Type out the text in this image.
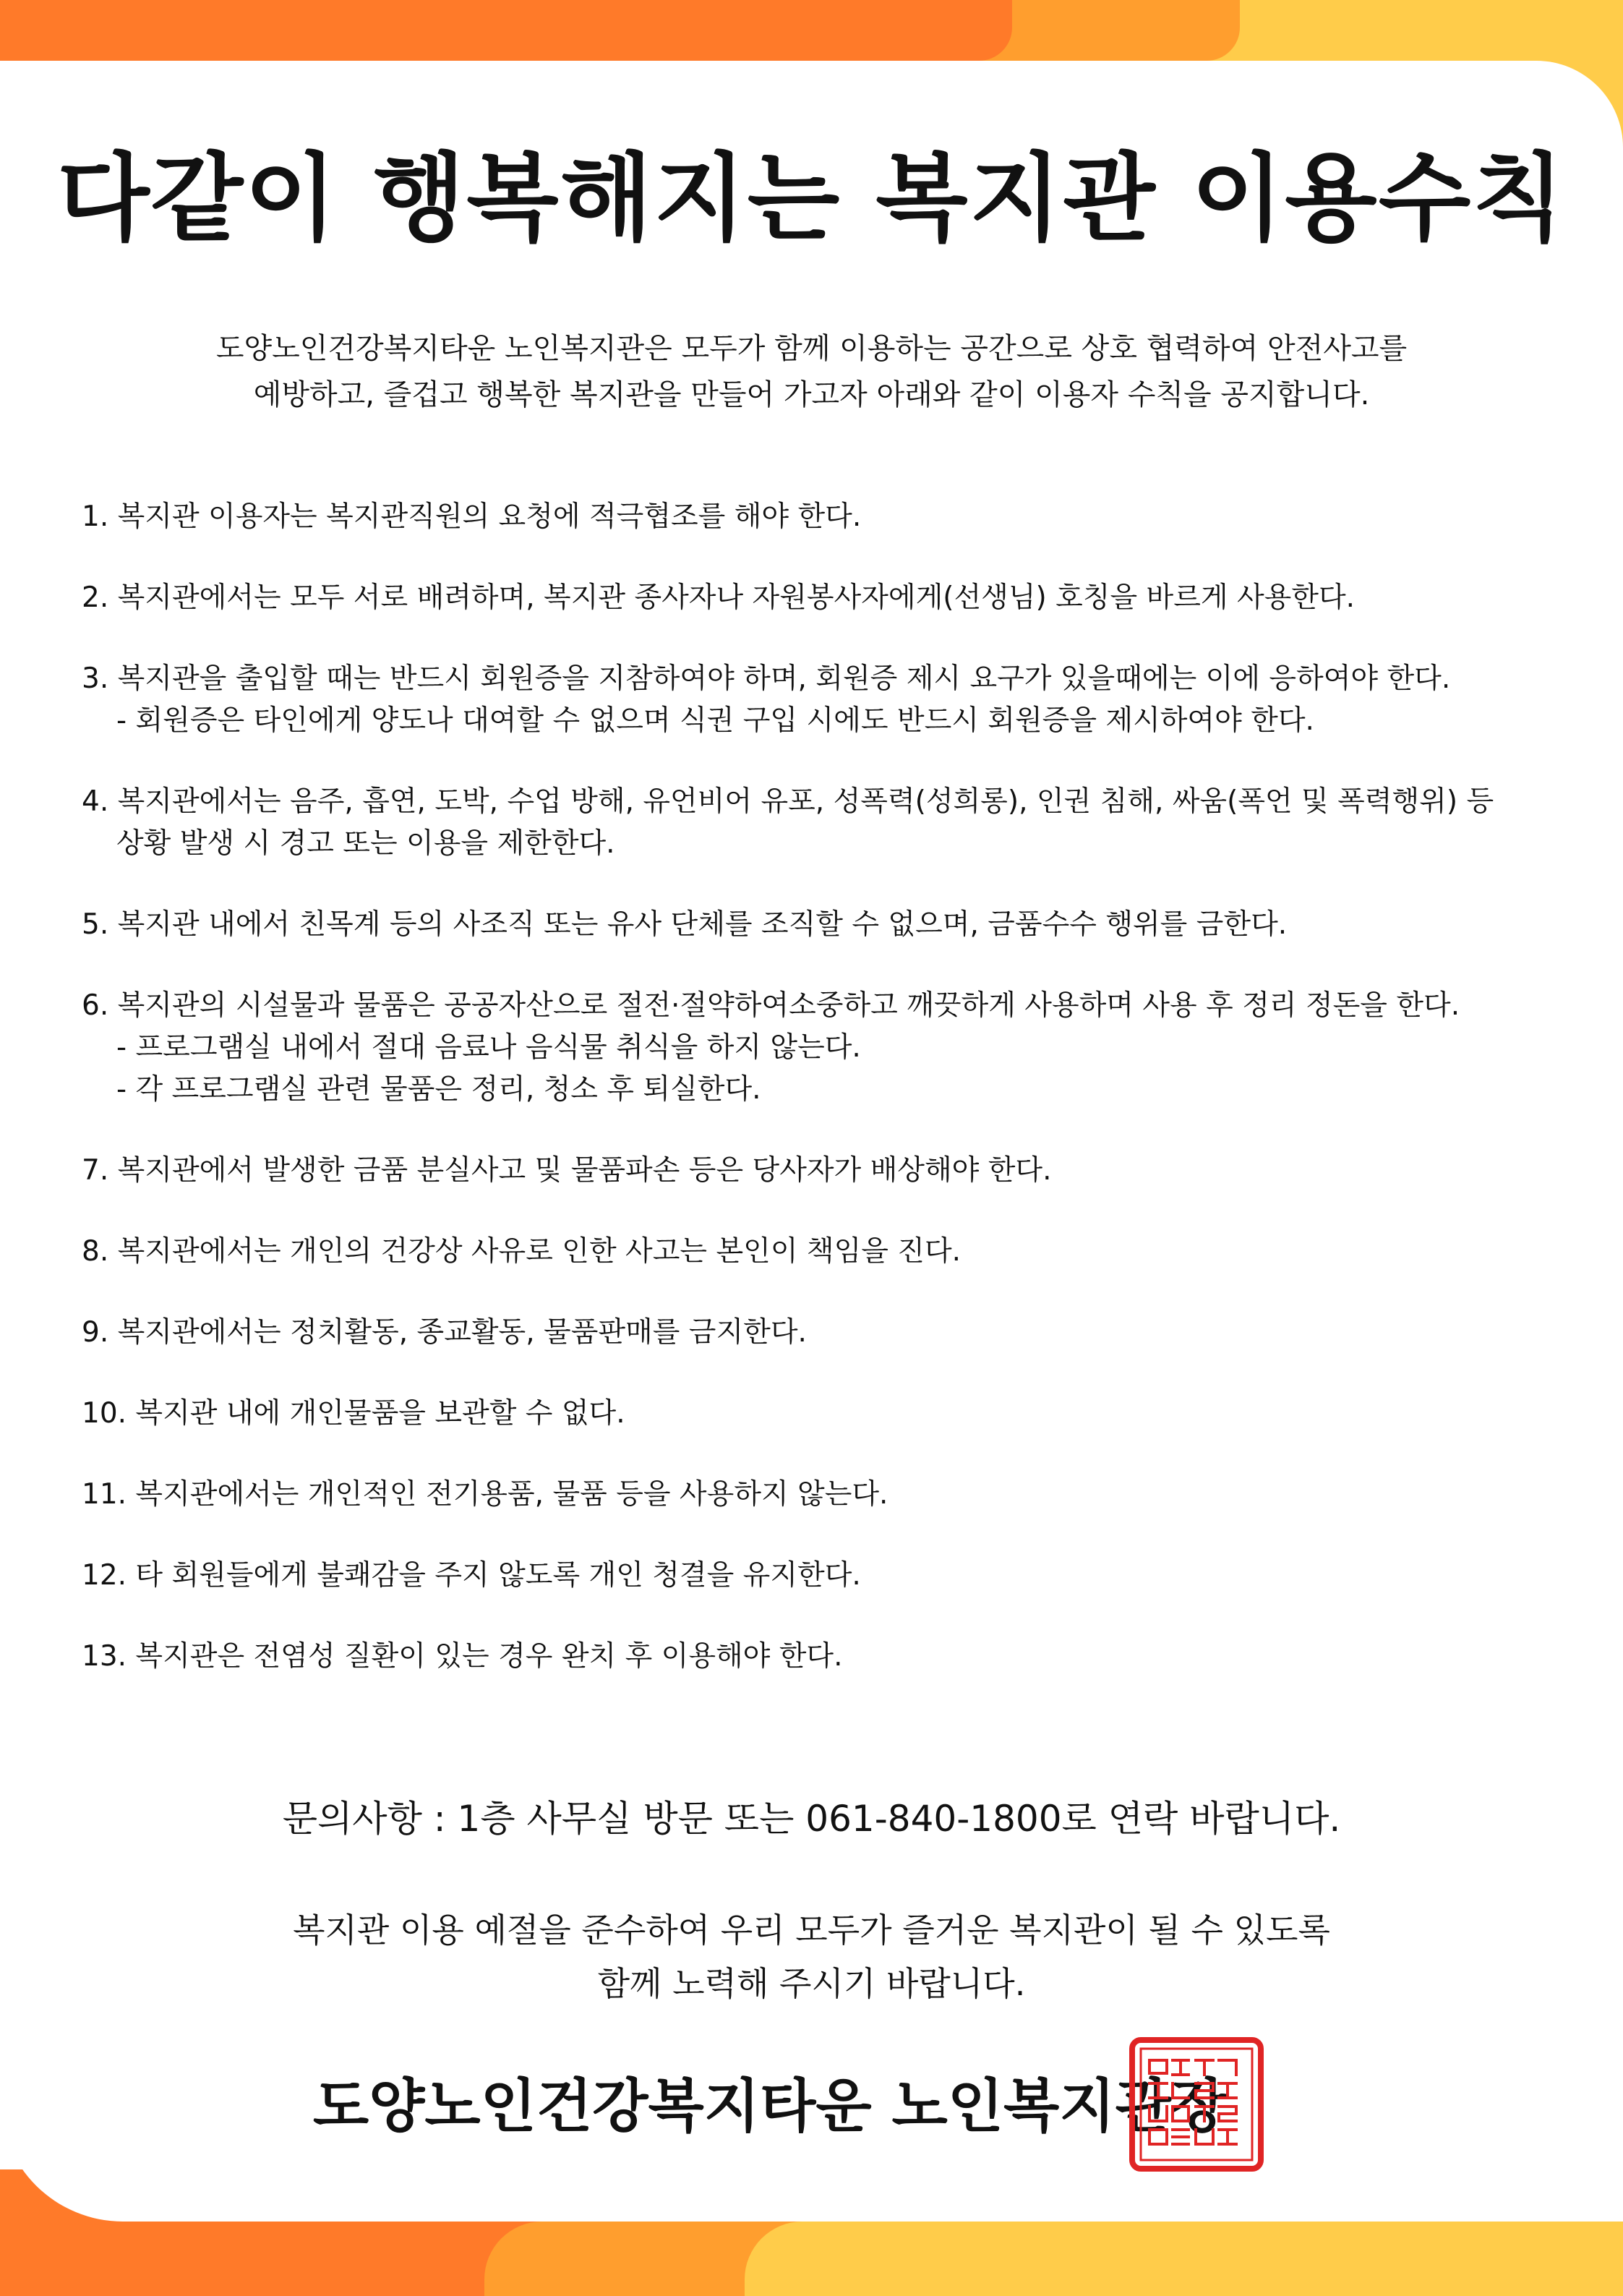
다같이 행복해지는 복지관 이용수칙

도양노인건강복지타운 노인복지관은 모두가 함께 이용하는 공간으로 상호 협력하여 안전사고를

예방하고, 즐겁고 행복한 복지관을 만들어 가고자 아래와 같이 이용자 수칙을 공지합니다.

1. 복지관 이용자는 복지관직원의 요청에 적극협조를 해야 한다.
2. 복지관에서는 모두 서로 배려하며, 복지관 종사자나 자원봉사자에게(선생님) 호칭을 바르게 사용한다.
3. 복지관을 출입할 때는 반드시 회원증을 지참하여야 하며, 회원증 제시 요구가 있을때에는 이에 응하여야 한다.
- 회원증은 타인에게 양도나 대여할 수 없으며 식권 구입 시에도 반드시 회원증을 제시하여야 한다.
4. 복지관에서는 음주, 흡연, 도박, 수업 방해, 유언비어 유포, 성폭력(성희롱), 인권 침해, 싸움(폭언 및 폭력행위) 등
상황 발생 시 경고 또는 이용을 제한한다.
5. 복지관 내에서 친목계 등의 사조직 또는 유사 단체를 조직할 수 없으며, 금품수수 행위를 금한다.
6. 복지관의 시설물과 물품은 공공자산으로 절전·절약하여소중하고 깨끗하게 사용하며 사용 후 정리 정돈을 한다.
- 프로그램실 내에서 절대 음료나 음식물 취식을 하지 않는다.
- 각 프로그램실 관련 물품은 정리, 청소 후 퇴실한다.
7. 복지관에서 발생한 금품 분실사고 및 물품파손 등은 당사자가 배상해야 한다.
8. 복지관에서는 개인의 건강상 사유로 인한 사고는 본인이 책임을 진다.
9. 복지관에서는 정치활동, 종교활동, 물품판매를 금지한다.
10. 복지관 내에 개인물품을 보관할 수 없다.
11. 복지관에서는 개인적인 전기용품, 물품 등을 사용하지 않는다.
12. 타 회원들에게 불쾌감을 주지 않도록 개인 청결을 유지한다.
13. 복지관은 전염성 질환이 있는 경우 완치 후 이용해야 한다.

문의사항 : 1층 사무실 방문 또는 061-840-1800로 연락 바랍니다.

복지관 이용 예절을 준수하여 우리 모두가 즐거운 복지관이 될 수 있도록

함께 노력해 주시기 바랍니다.

도양노인건강복지타운 노인복지관장
